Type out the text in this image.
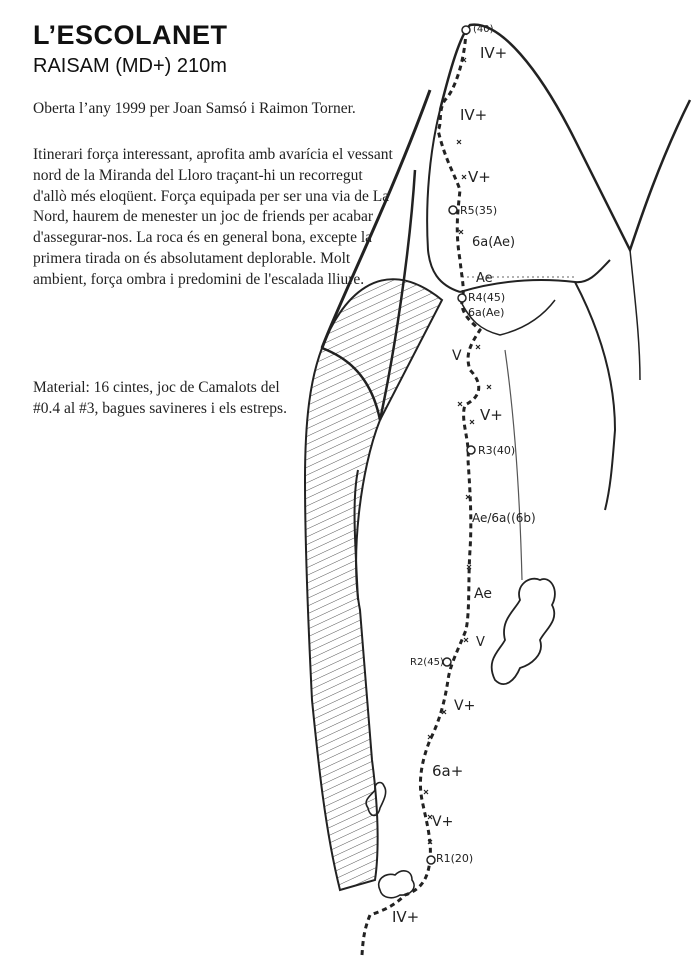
L’ESCOLANET
RAISAM (MD+) 210m
Oberta l’any 1999 per Joan Samsó i Raimon Torner.
Itinerari força interessant, aprofita amb avarícia el vessant nord de la Miranda del Lloro traçant-hi un recorregut d'allò més eloqüent. Força equipada per ser una via de La Nord, haurem de menester un joc de friends per acabar d'assegurar-nos. La roca és en general bona, excepte la primera tirada on és absolutament deplorable. Molt ambient, força ombra i predomini de l'escalada lliure.
Material: 16 cintes, joc de Camalots del #0.4 al #3, bagues savineres i els estreps.
(40)
IV+
IV+
V+
R5(35)
6a(Ae)
Ae
R4(45)
6a(Ae)
V
V+
R3(40)
Ae/6a((6b)
Ae
V
R2(45)
V+
6a+
V+
R1(20)
IV+
